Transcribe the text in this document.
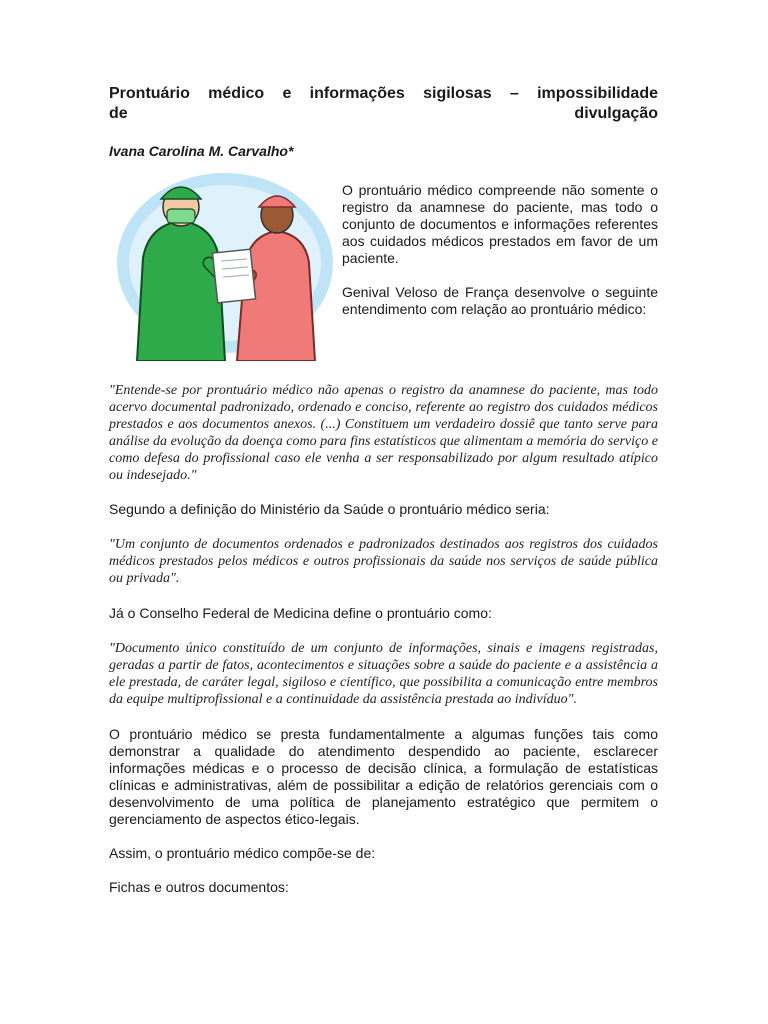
Prontuário médico e informações sigilosas – impossibilidade
de divulgação

Ivana Carolina M. Carvalho*

O prontuário médico compreende não somente o registro da anamnese do paciente, mas todo o conjunto de documentos e informações referentes aos cuidados médicos prestados em favor de um paciente.

Genival Veloso de França desenvolve o seguinte entendimento com relação ao prontuário médico:

"Entende-se por prontuário médico não apenas o registro da anamnese do paciente, mas todo acervo documental padronizado, ordenado e conciso, referente ao registro dos cuidados médicos prestados e aos documentos anexos. (...) Constituem um verdadeiro dossiê que tanto serve para análise da evolução da doença como para fins estatísticos que alimentam a memória do serviço e como defesa do profissional caso ele venha a ser responsabilizado por algum resultado atípico ou indesejado."

Segundo a definição do Ministério da Saúde o prontuário médico seria:

"Um conjunto de documentos ordenados e padronizados destinados aos registros dos cuidados médicos prestados pelos médicos e outros profissionais da saúde nos serviços de saúde pública ou privada".

Já o Conselho Federal de Medicina define o prontuário como:

"Documento único constituído de um conjunto de informações, sinais e imagens registradas, geradas a partir de fatos, acontecimentos e situações sobre a saúde do paciente e a assistência a ele prestada, de caráter legal, sigiloso e científico, que possibilita a comunicação entre membros da equipe multiprofissional e a continuidade da assistência prestada ao indivíduo".

O prontuário médico se presta fundamentalmente a algumas funções tais como demonstrar a qualidade do atendimento despendido ao paciente, esclarecer informações médicas e o processo de decisão clínica, a formulação de estatísticas clínicas e administrativas, além de possibilitar a edição de relatórios gerenciais com o desenvolvimento de uma política de planejamento estratégico que permitem o gerenciamento de aspectos ético-legais.

Assim, o prontuário médico compõe-se de:

Fichas e outros documentos:
